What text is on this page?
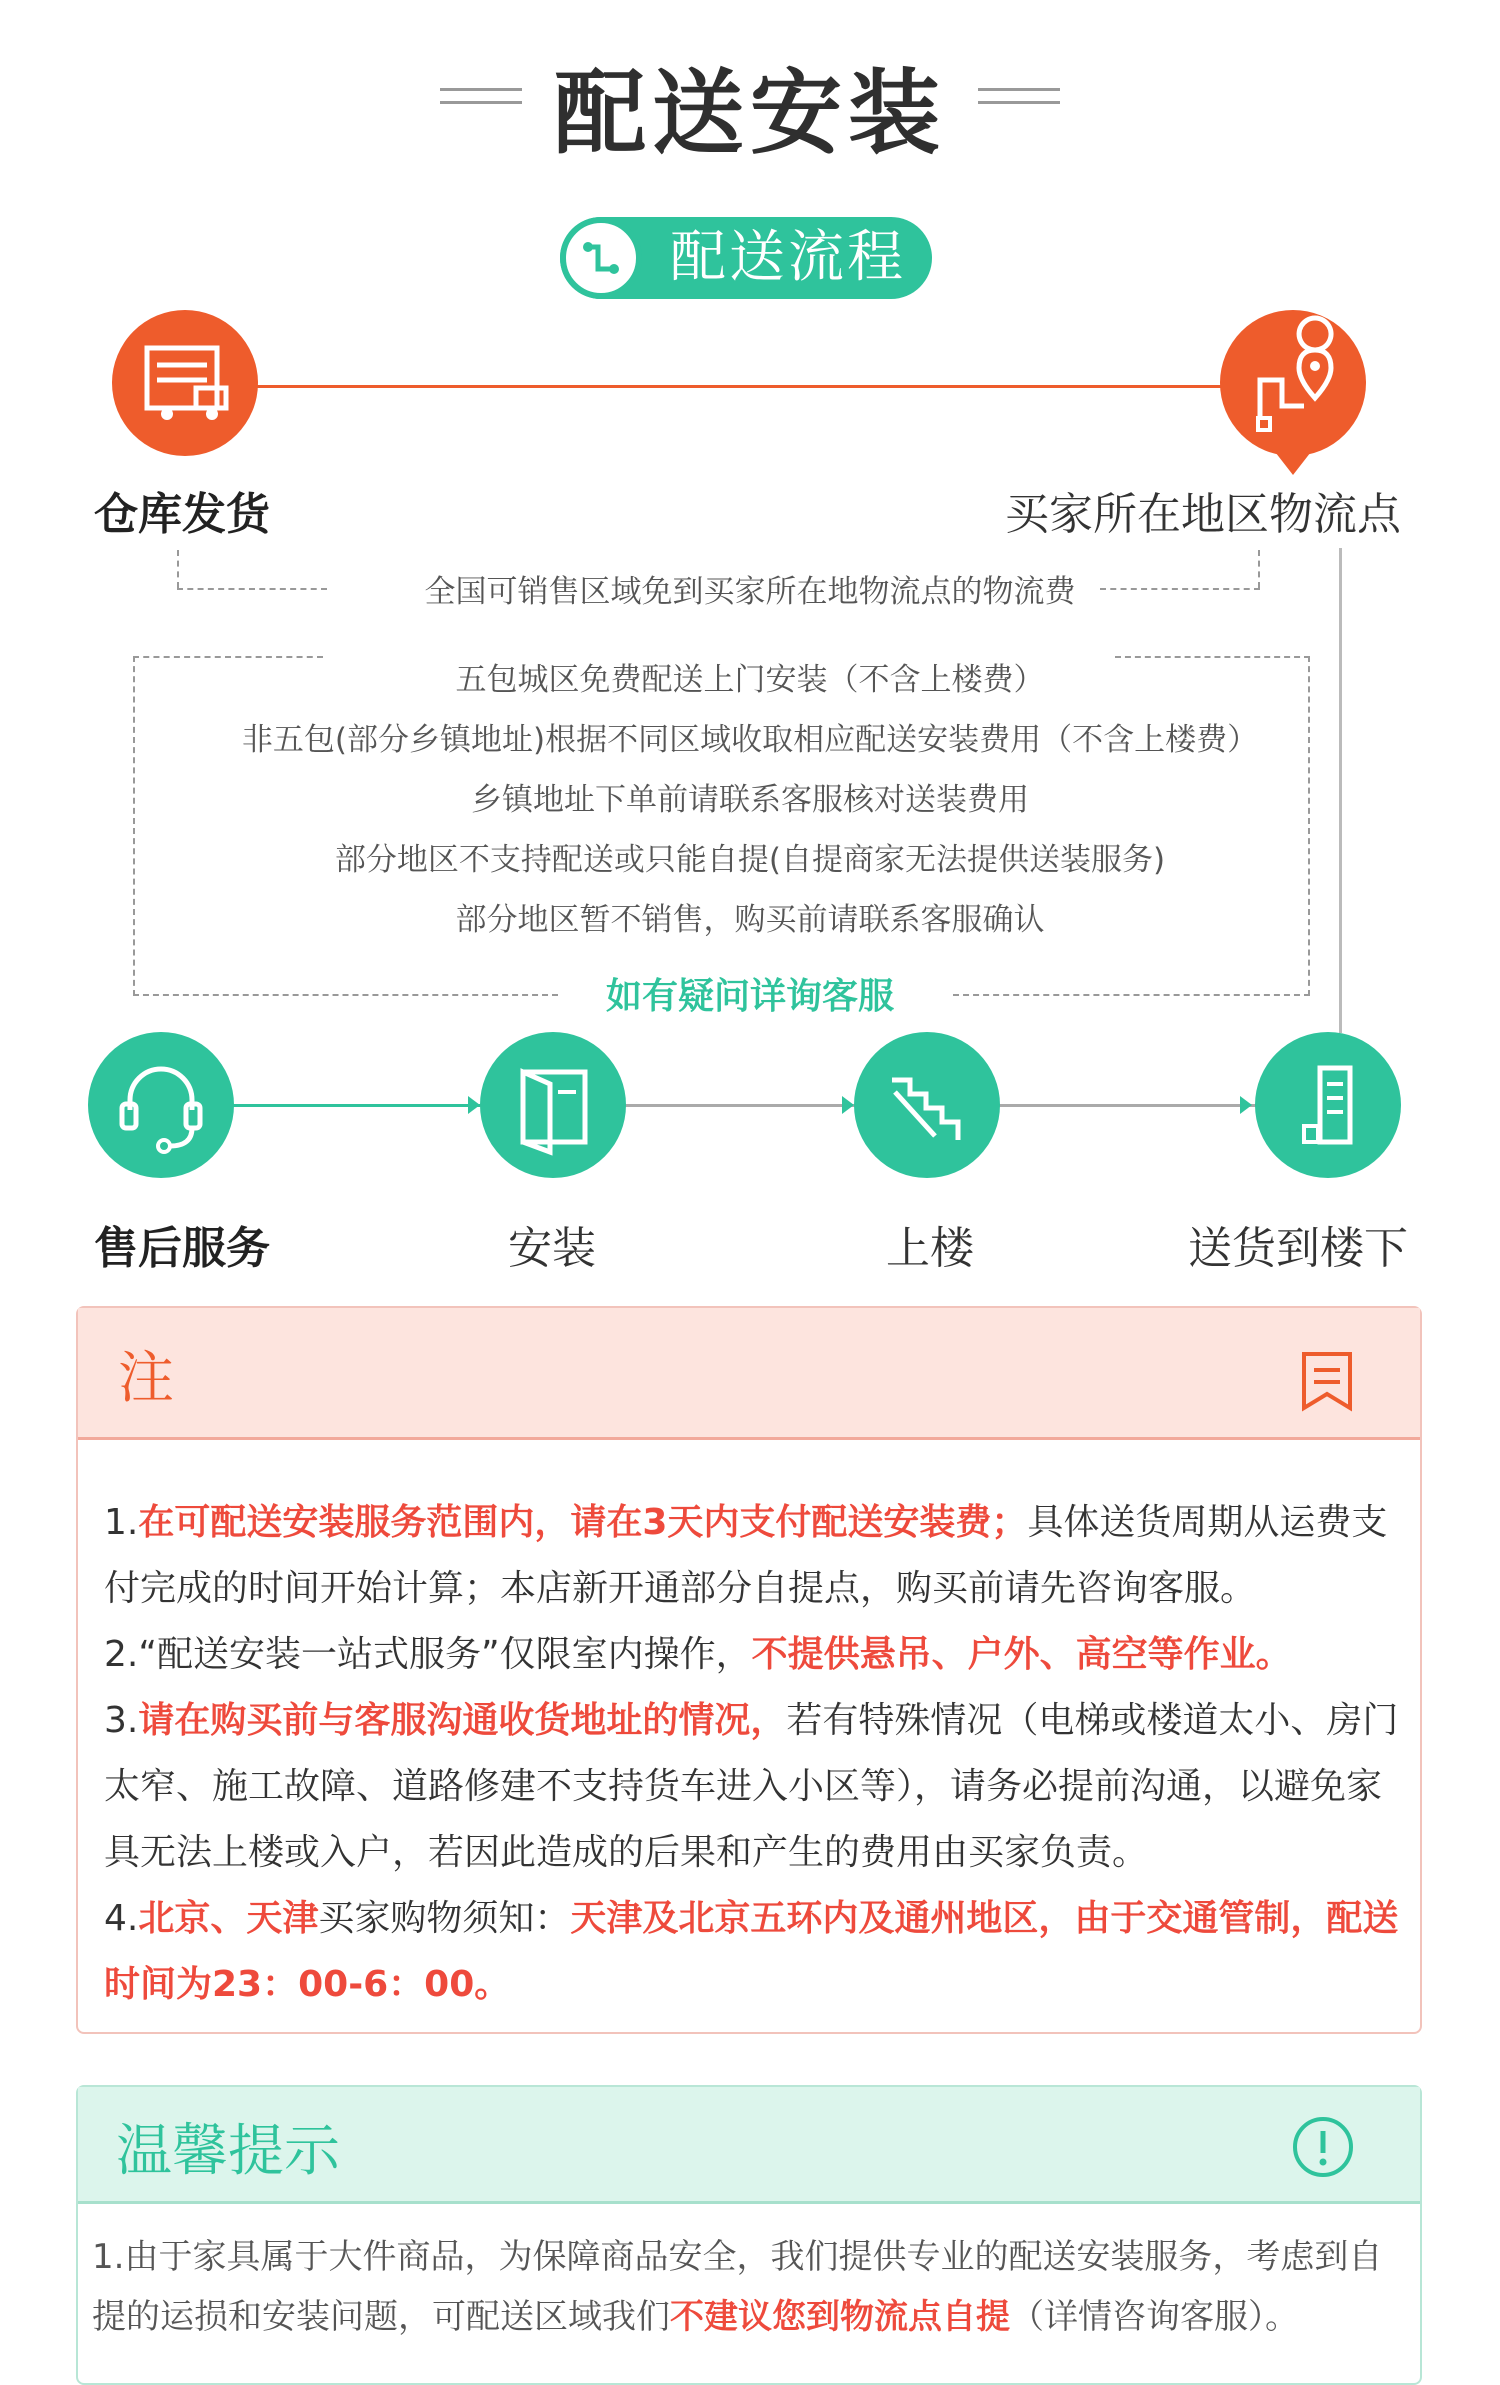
配送安装
配送流程
仓库发货	买家所在地区物流点
全国可销售区域免到买家所在地物流点的物流费
五包城区免费配送上门安装（不含上楼费）
非五包(部分乡镇地址)根据不同区域收取相应配送安装费用（不含上楼费）
乡镇地址下单前请联系客服核对送装费用
部分地区不支持配送或只能自提(自提商家无法提供送装服务)
部分地区暂不销售，购买前请联系客服确认
如有疑问详询客服
售后服务	安装	上楼	送货到楼下
注
1.在可配送安装服务范围内，请在3天内支付配送安装费；具体送货周期从运费支付完成的时间开始计算；本店新开通部分自提点，购买前请先咨询客服。
2.“配送安装一站式服务”仅限室内操作，不提供悬吊、户外、高空等作业。
3.请在购买前与客服沟通收货地址的情况，若有特殊情况（电梯或楼道太小、房门太窄、施工故障、道路修建不支持货车进入小区等），请务必提前沟通，以避免家具无法上楼或入户，若因此造成的后果和产生的费用由买家负责。
4.北京、天津买家购物须知：天津及北京五环内及通州地区，由于交通管制，配送时间为23：00-6：00。
温馨提示
1.由于家具属于大件商品，为保障商品安全，我们提供专业的配送安装服务，考虑到自提的运损和安装问题，可配送区域我们不建议您到物流点自提（详情咨询客服）。
